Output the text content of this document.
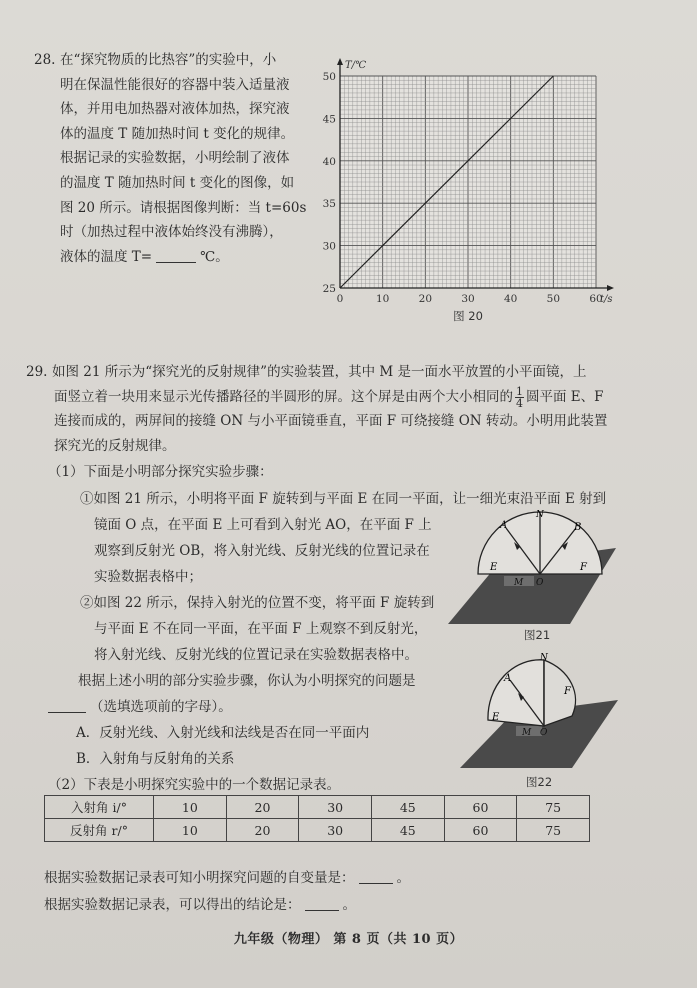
28. 在“探究物质的比热容”的实验中，小
明在保温性能很好的容器中装入适量液
体，并用电加热器对液体加热，探究液
体的温度 T 随加热时间 t 变化的规律。
根据记录的实验数据，小明绘制了液体
的温度 T 随加热时间 t 变化的图像，如
图 20 所示。请根据图像判断：当 t=60s
时（加热过程中液体始终没有沸腾），
液体的温度 T=	℃。
0	10	20	30	40	50	60
25
30
35
40
45
50
T/℃
t/s
图 20
29. 如图 21 所示为“探究光的反射规律”的实验装置，其中 M 是一面水平放置的小平面镜，上
面竖立着一块用来显示光传播路径的半圆形的屏。这个屏是由两个大小相同的 $\frac{1}{4}$ 圆平面 E、F
连接而成的，两屏间的接缝 ON 与小平面镜垂直，平面 F 可绕接缝 ON 转动。小明用此装置
探究光的反射规律。
（1）下面是小明部分探究实验步骤：
①如图 21 所示，小明将平面 F 旋转到与平面 E 在同一平面，让一细光束沿平面 E 射到
镜面 O 点，在平面 E 上可看到入射光 AO，在平面 F 上
观察到反射光 OB，将入射光线、反射光线的位置记录在
实验数据表格中；
②如图 22 所示，保持入射光的位置不变，将平面 F 旋转到
与平面 E 不在同一平面，在平面 F 上观察不到反射光，
将入射光线、反射光线的位置记录在实验数据表格中。
根据上述小明的部分实验步骤，你认为小明探究的问题是
（选填选项前的字母）。
A．反射光线、入射光线和法线是否在同一平面内
B．入射角与反射角的关系
（2）下表是小明探究实验中的一个数据记录表。
A
N
B
E	F
M O
图21
A
N
F
E
M O
图22
入射角 i/°	10	20	30	45	60	75
反射角 r/°	10	20	30	45	60	75
根据实验数据记录表可知小明探究问题的自变量是：	。
根据实验数据记录表，可以得出的结论是：	。
九年级（物理） 第 8 页（共 10 页）
